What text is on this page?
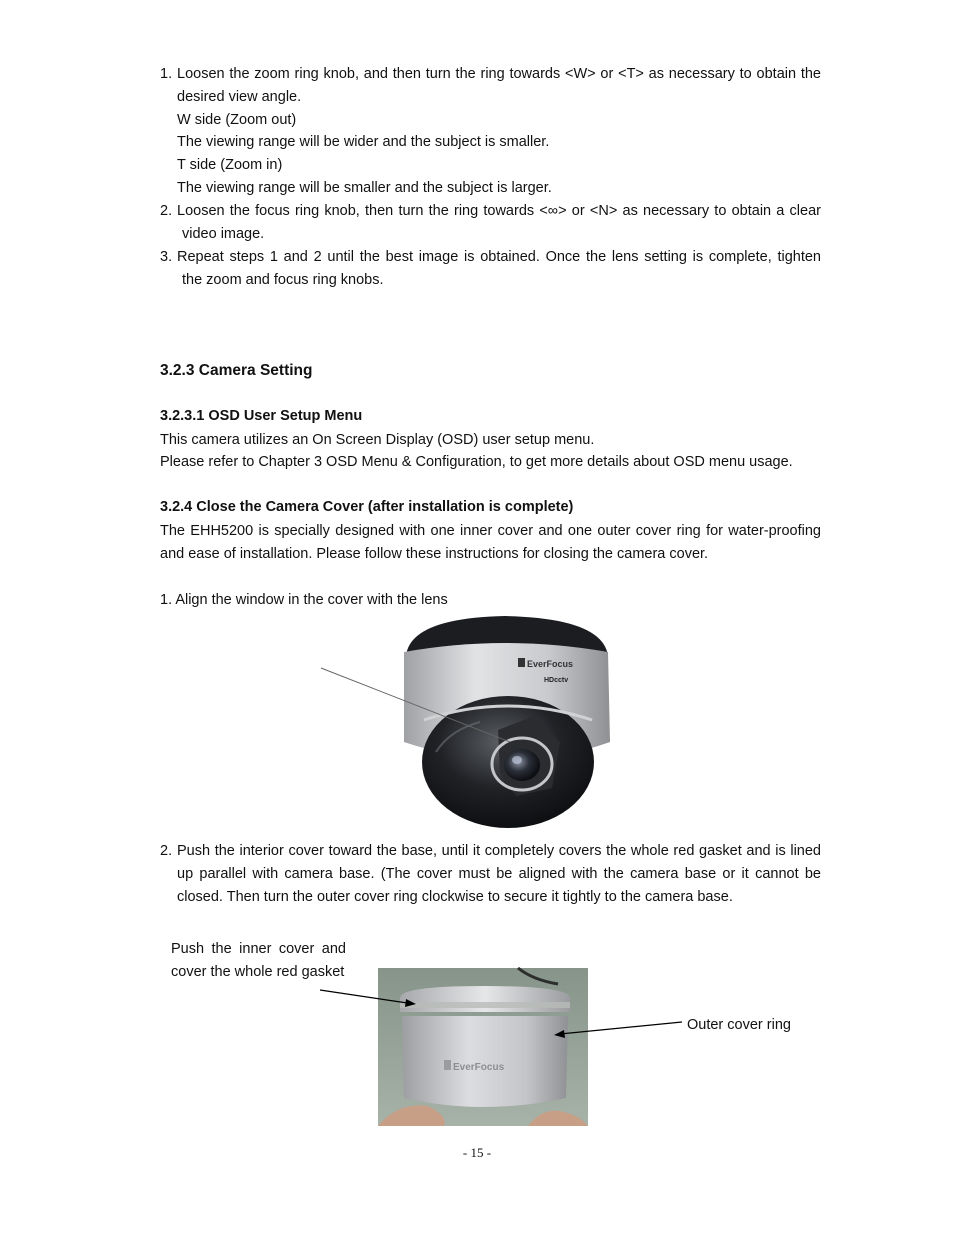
1. Loosen the zoom ring knob, and then turn the ring towards <W> or <T> as necessary to obtain the
desired view angle.
W side (Zoom out)
The viewing range will be wider and the subject is smaller.
T side (Zoom in)
The viewing range will be smaller and the subject is larger.
2. Loosen the focus ring knob, then turn the ring towards <∞> or <N> as necessary to obtain a clear
video image.
3. Repeat steps 1 and 2 until the best image is obtained. Once the lens setting is complete, tighten
the zoom and focus ring knobs.
3.2.3 Camera Setting
3.2.3.1 OSD User Setup Menu
This camera utilizes an On Screen Display (OSD) user setup menu.
Please refer to Chapter 3 OSD Menu & Configuration, to get more details about OSD menu usage.
3.2.4 Close the Camera Cover (after installation is complete)
The EHH5200 is specially designed with one inner cover and one outer cover ring for water-proofing
and ease of installation. Please follow these instructions for closing the camera cover.
1. Align the window in the cover with the lens
EverFocus
HDcctv
2. Push the interior cover toward the base, until it completely covers the whole red gasket and is lined
up parallel with camera base. (The cover must be aligned with the camera base or it cannot be
closed. Then turn the outer cover ring clockwise to secure it tightly to the camera base.
Push the inner cover and
cover the whole red gasket
Outer cover ring
EverFocus
- 15 -
